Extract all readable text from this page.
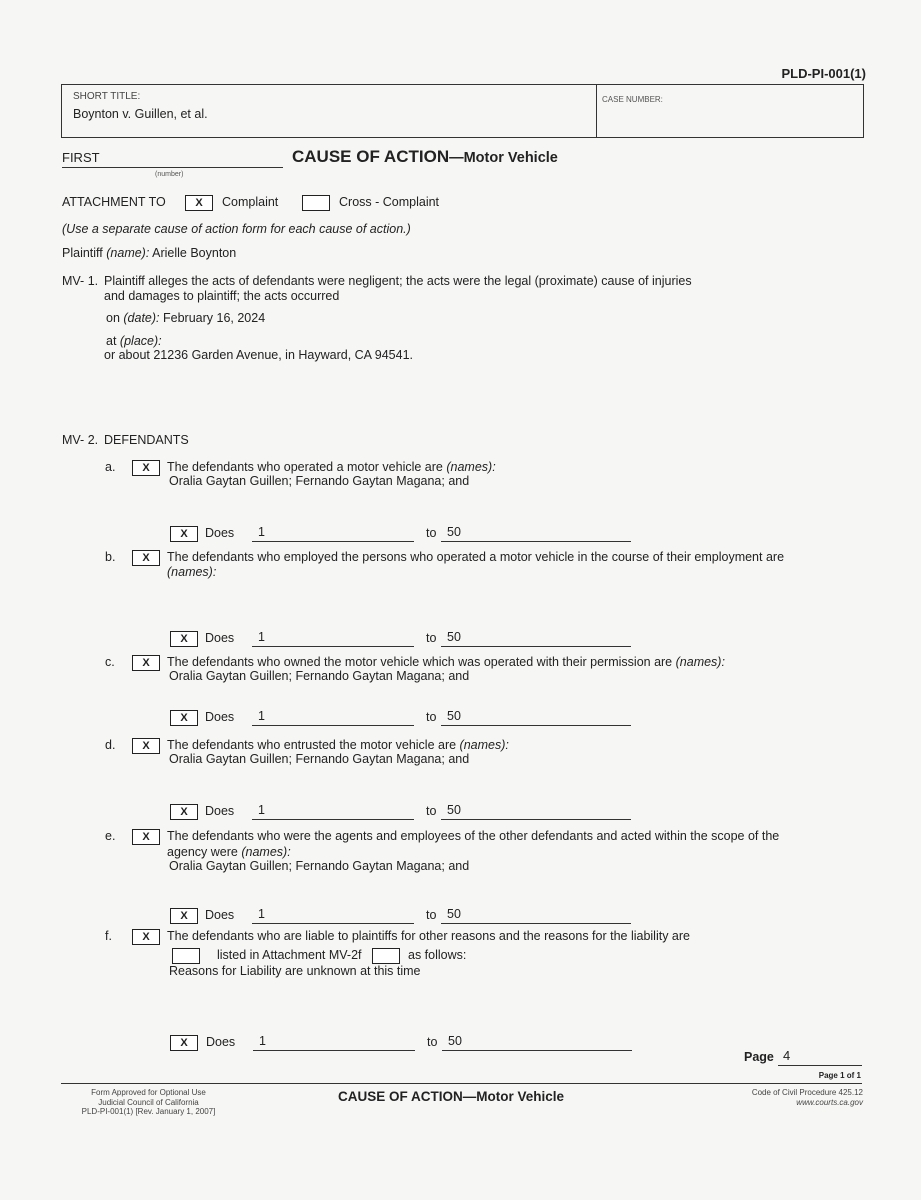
PLD-PI-001(1)
SHORT TITLE:
Boynton v. Guillen, et al.
CASE NUMBER:
FIRST
(number)
CAUSE OF ACTION—Motor Vehicle
ATTACHMENT TO	X	Complaint	Cross - Complaint
(Use a separate cause of action form for each cause of action.)
Plaintiff (name): Arielle Boynton
MV- 1. Plaintiff alleges the acts of defendants were negligent; the acts were the legal (proximate) cause of injuries
and damages to plaintiff; the acts occurred
on (date): February 16, 2024
at (place):
or about 21236 Garden Avenue, in Hayward, CA 94541.
MV- 2. DEFENDANTS
a.	X	The defendants who operated a motor vehicle are (names):
Oralia Gaytan Guillen; Fernando Gaytan Magana; and
X	Does 1	to 50
b.	X	The defendants who employed the persons who operated a motor vehicle in the course of their employment are
(names):
X	Does 1	to 50
c.	X	The defendants who owned the motor vehicle which was operated with their permission are (names):
Oralia Gaytan Guillen; Fernando Gaytan Magana; and
X	Does 1	to 50
d.	X	The defendants who entrusted the motor vehicle are (names):
Oralia Gaytan Guillen; Fernando Gaytan Magana; and
X	Does 1	to 50
e.	X	The defendants who were the agents and employees of the other defendants and acted within the scope of the
agency were (names):
Oralia Gaytan Guillen; Fernando Gaytan Magana; and
X	Does 1	to 50
f.	X	The defendants who are liable to plaintiffs for other reasons and the reasons for the liability are
listed in Attachment MV-2f	as follows:
Reasons for Liability are unknown at this time
X	Does 1	to 50
Page 4
Page 1 of 1
Form Approved for Optional Use
Judicial Council of California
PLD-PI-001(1) [Rev. January 1, 2007]
CAUSE OF ACTION—Motor Vehicle	Code of Civil Procedure 425.12
www.courts.ca.gov
